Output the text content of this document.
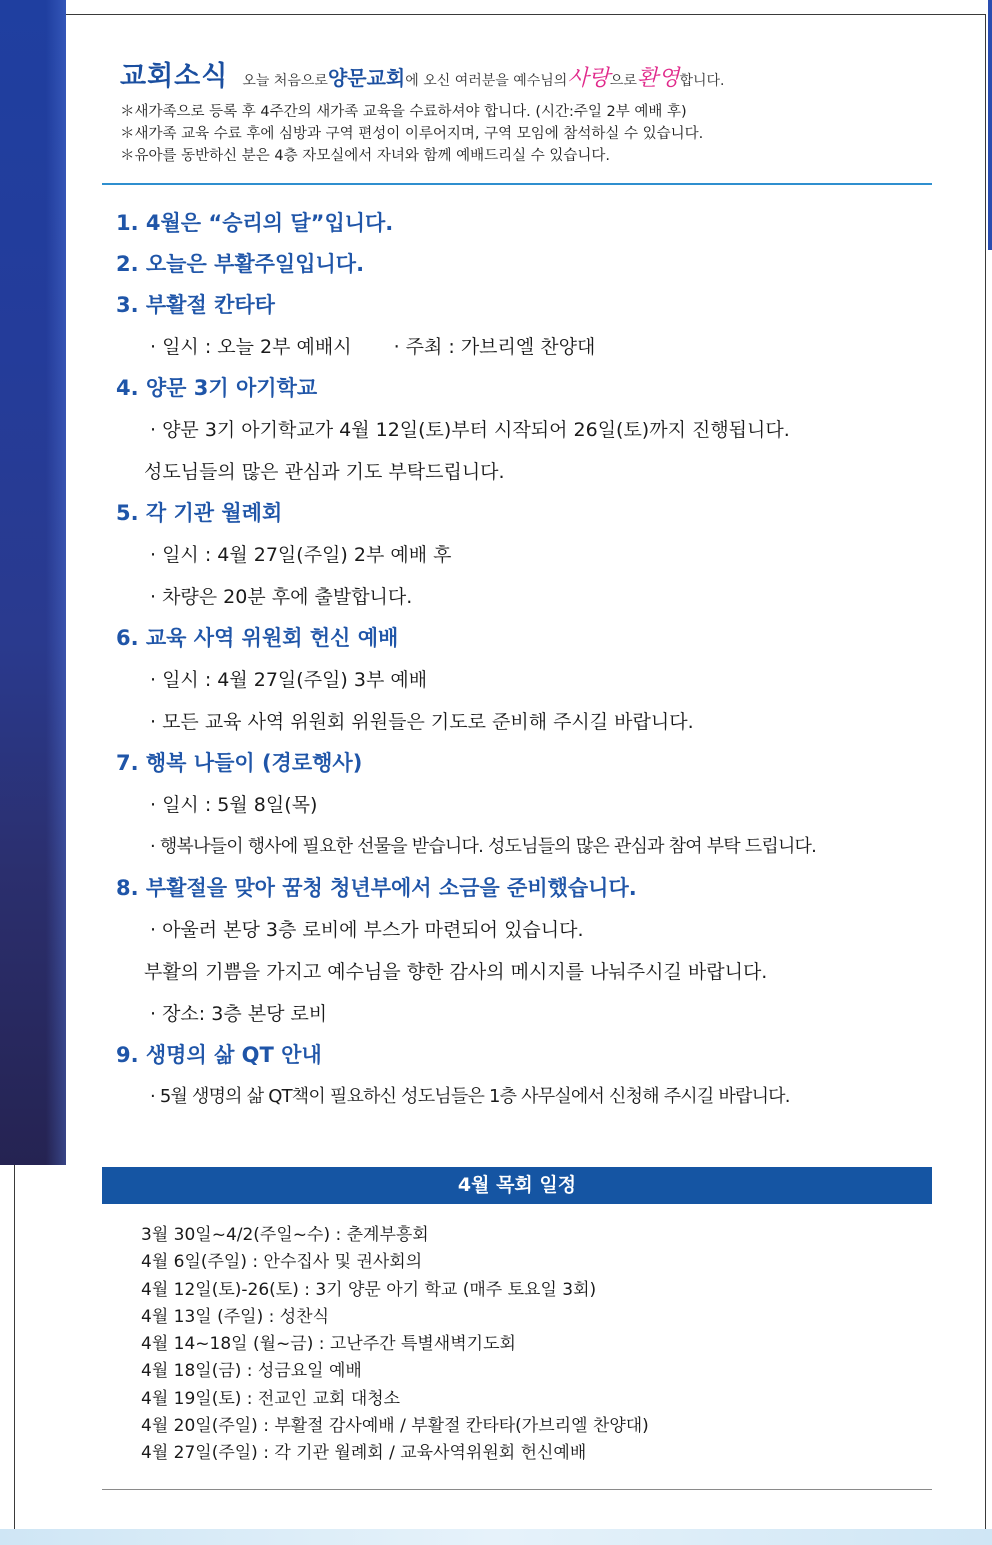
교회소식 오늘 처음으로 양문교회 에 오신 여러분을 예수님의 사랑 으로 환영 합니다.
＊새가족으로 등록 후 4주간의 새가족 교육을 수료하셔야 합니다. (시간:주일 2부 예배 후)
＊새가족 교육 수료 후에 심방과 구역 편성이 이루어지며, 구역 모임에 참석하실 수 있습니다.
＊유아를 동반하신 분은 4층 자모실에서 자녀와 함께 예배드리실 수 있습니다.
1. 4월은 “승리의 달”입니다.
2. 오늘은 부활주일입니다.
3. 부활절 칸타타
· 일시 : 오늘 2부 예배시 · 주최 : 가브리엘 찬양대
4. 양문 3기 아기학교
· 양문 3기 아기학교가 4월 12일(토)부터 시작되어 26일(토)까지 진행됩니다.
성도님들의 많은 관심과 기도 부탁드립니다.
5. 각 기관 월례회
· 일시 : 4월 27일(주일) 2부 예배 후
· 차량은 20분 후에 출발합니다.
6. 교육 사역 위원회 헌신 예배
· 일시 : 4월 27일(주일) 3부 예배
· 모든 교육 사역 위원회 위원들은 기도로 준비해 주시길 바랍니다.
7. 행복 나들이 (경로행사)
· 일시 : 5월 8일(목)
· 행복나들이 행사에 필요한 선물을 받습니다. 성도님들의 많은 관심과 참여 부탁 드립니다.
8. 부활절을 맞아 꿈청 청년부에서 소금을 준비했습니다.
· 아울러 본당 3층 로비에 부스가 마련되어 있습니다.
부활의 기쁨을 가지고 예수님을 향한 감사의 메시지를 나눠주시길 바랍니다.
· 장소: 3층 본당 로비
9. 생명의 삶 QT 안내
· 5월 생명의 삶 QT책이 필요하신 성도님들은 1층 사무실에서 신청해 주시길 바랍니다.
4월 목회 일정
3월 30일~4/2(주일~수) : 춘계부흥회
4월 6일(주일) : 안수집사 및 권사회의
4월 12일(토)-26(토) : 3기 양문 아기 학교 (매주 토요일 3회)
4월 13일 (주일) : 성찬식
4월 14~18일 (월~금) : 고난주간 특별새벽기도회
4월 18일(금) : 성금요일 예배
4월 19일(토) : 전교인 교회 대청소
4월 20일(주일) : 부활절 감사예배 / 부활절 칸타타(가브리엘 찬양대)
4월 27일(주일) : 각 기관 월례회 / 교육사역위원회 헌신예배
